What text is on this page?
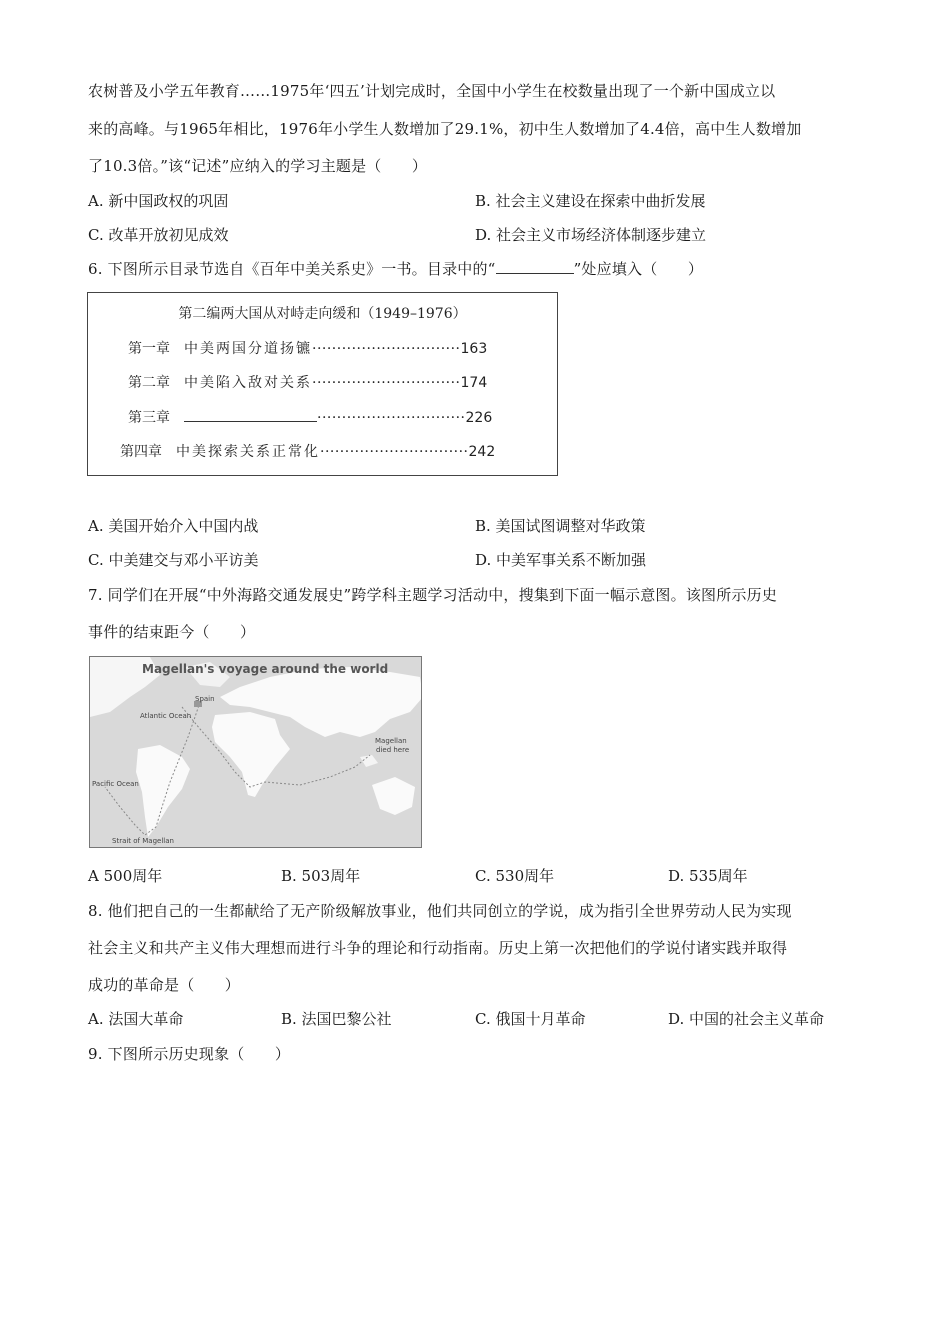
农树普及小学五年教育……1975年‘四五’计划完成时，全国中小学生在校数量出现了一个新中国成立以
来的高峰。与1965年相比，1976年小学生人数增加了29.1%，初中生人数增加了4.4倍，高中生人数增加
了10.3倍。”该“记述”应纳入的学习主题是（　　）
A. 新中国政权的巩固	B. 社会主义建设在探索中曲折发展
C. 改革开放初见成效	D. 社会主义市场经济体制逐步建立
6. 下图所示目录节选自《百年中美关系史》一书。目录中的“	”处应填入（　　）
第二编两大国从对峙走向缓和（1949–1976）
第一章 中美两国分道扬镳 ······························ 163
第二章 中美陷入敌对关系 ······························ 174
第三章	······························ 226
第四章 中美探索关系正常化 ······························ 242
A. 美国开始介入中国内战	B. 美国试图调整对华政策
C. 中美建交与邓小平访美	D. 中美军事关系不断加强
7. 同学们在开展“中外海路交通发展史”跨学科主题学习活动中，搜集到下面一幅示意图。该图所示历史
事件的结束距今（　　）
Magellan's voyage around the world
Spain
Atlantic Ocean
Pacific Ocean
Strait of Magellan
Magellan
died here
A 500周年	B. 503周年	C. 530周年	D. 535周年
8. 他们把自己的一生都献给了无产阶级解放事业，他们共同创立的学说，成为指引全世界劳动人民为实现
社会主义和共产主义伟大理想而进行斗争的理论和行动指南。历史上第一次把他们的学说付诸实践并取得
成功的革命是（　　）
A. 法国大革命	B. 法国巴黎公社	C. 俄国十月革命	D. 中国的社会主义革命
9. 下图所示历史现象（　　）
